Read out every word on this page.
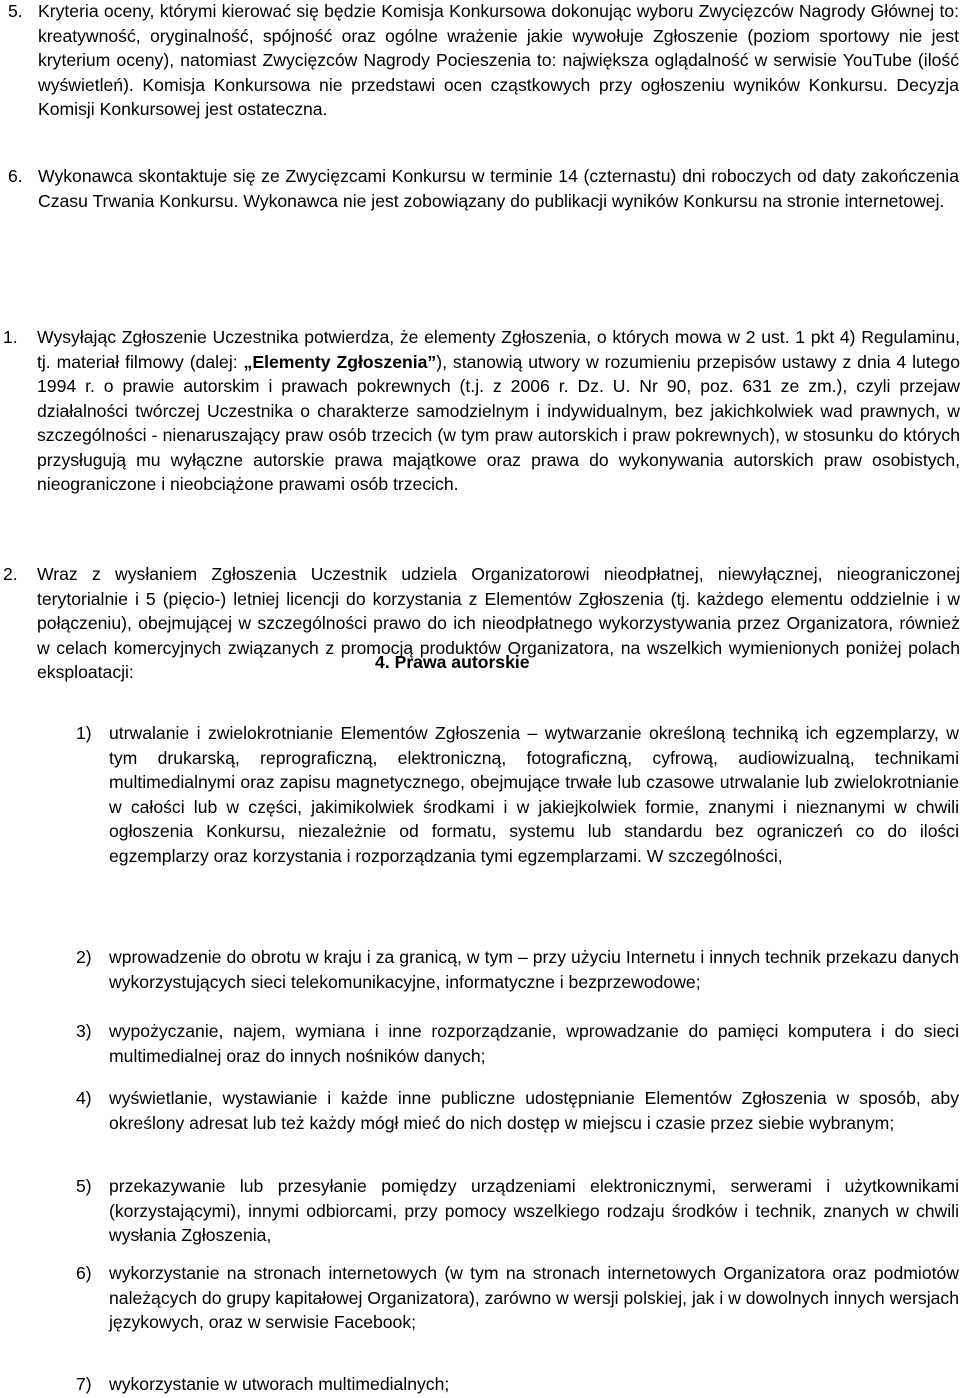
5. Kryteria oceny, którymi kierować się będzie Komisja Konkursowa dokonując wyboru Zwycięzców Nagrody Głównej to: kreatywność, oryginalność, spójność oraz ogólne wrażenie jakie wywołuje Zgłoszenie (poziom sportowy nie jest kryterium oceny), natomiast Zwycięzców Nagrody Pocieszenia to: największa oglądalność w serwisie YouTube (ilość wyświetleń). Komisja Konkursowa nie przedstawi ocen cząstkowych przy ogłoszeniu wyników Konkursu. Decyzja Komisji Konkursowej jest ostateczna.
6. Wykonawca skontaktuje się ze Zwycięzcami Konkursu w terminie 14 (czternastu) dni roboczych od daty zakończenia Czasu Trwania Konkursu. Wykonawca nie jest zobowiązany do publikacji wyników Konkursu na stronie internetowej.
4. Prawa autorskie
1. Wysyłając Zgłoszenie Uczestnika potwierdza, że elementy Zgłoszenia, o których mowa w 2 ust. 1 pkt 4) Regulaminu, tj. materiał filmowy (dalej: „Elementy Zgłoszenia”), stanowią utwory w rozumieniu przepisów ustawy z dnia 4 lutego 1994 r. o prawie autorskim i prawach pokrewnych (t.j. z 2006 r. Dz. U. Nr 90, poz. 631 ze zm.), czyli przejaw działalności twórczej Uczestnika o charakterze samodzielnym i indywidualnym, bez jakichkolwiek wad prawnych, w szczególności - nienaruszający praw osób trzecich (w tym praw autorskich i praw pokrewnych), w stosunku do których przysługują mu wyłączne autorskie prawa majątkowe oraz prawa do wykonywania autorskich praw osobistych, nieograniczone i nieobciążone prawami osób trzecich.
2. Wraz z wysłaniem Zgłoszenia Uczestnik udziela Organizatorowi nieodpłatnej, niewyłącznej, nieograniczonej terytorialnie i 5 (pięcio-) letniej licencji do korzystania z Elementów Zgłoszenia (tj. każdego elementu oddzielnie i w połączeniu), obejmującej w szczególności prawo do ich nieodpłatnego wykorzystywania przez Organizatora, również w celach komercyjnych związanych z promocją produktów Organizatora, na wszelkich wymienionych poniżej polach eksploatacji:
1) utrwalanie i zwielokrotnianie Elementów Zgłoszenia – wytwarzanie określoną techniką ich egzemplarzy, w tym drukarską, reprograficzną, elektroniczną, fotograficzną, cyfrową, audiowizualną, technikami multimedialnymi oraz zapisu magnetycznego, obejmujące trwałe lub czasowe utrwalanie lub zwielokrotnianie w całości lub w części, jakimikolwiek środkami i w jakiejkolwiek formie, znanymi i nieznanymi w chwili ogłoszenia Konkursu, niezależnie od formatu, systemu lub standardu bez ograniczeń co do ilości egzemplarzy oraz korzystania i rozporządzania tymi egzemplarzami. W szczególności,
2) wprowadzenie do obrotu w kraju i za granicą, w tym – przy użyciu Internetu i innych technik przekazu danych wykorzystujących sieci telekomunikacyjne, informatyczne i bezprzewodowe;
3) wypożyczanie, najem, wymiana i inne rozporządzanie, wprowadzanie do pamięci komputera i do sieci multimedialnej oraz do innych nośników danych;
4) wyświetlanie, wystawianie i każde inne publiczne udostępnianie Elementów Zgłoszenia w sposób, aby określony adresat lub też każdy mógł mieć do nich dostęp w miejscu i czasie przez siebie wybranym;
5) przekazywanie lub przesyłanie pomiędzy urządzeniami elektronicznymi, serwerami i użytkownikami (korzystającymi), innymi odbiorcami, przy pomocy wszelkiego rodzaju środków i technik, znanych w chwili wysłania Zgłoszenia,
6) wykorzystanie na stronach internetowych (w tym na stronach internetowych Organizatora oraz podmiotów należących do grupy kapitałowej Organizatora), zarówno w wersji polskiej, jak i w dowolnych innych wersjach językowych, oraz w serwisie Facebook;
7) wykorzystanie w utworach multimedialnych;
